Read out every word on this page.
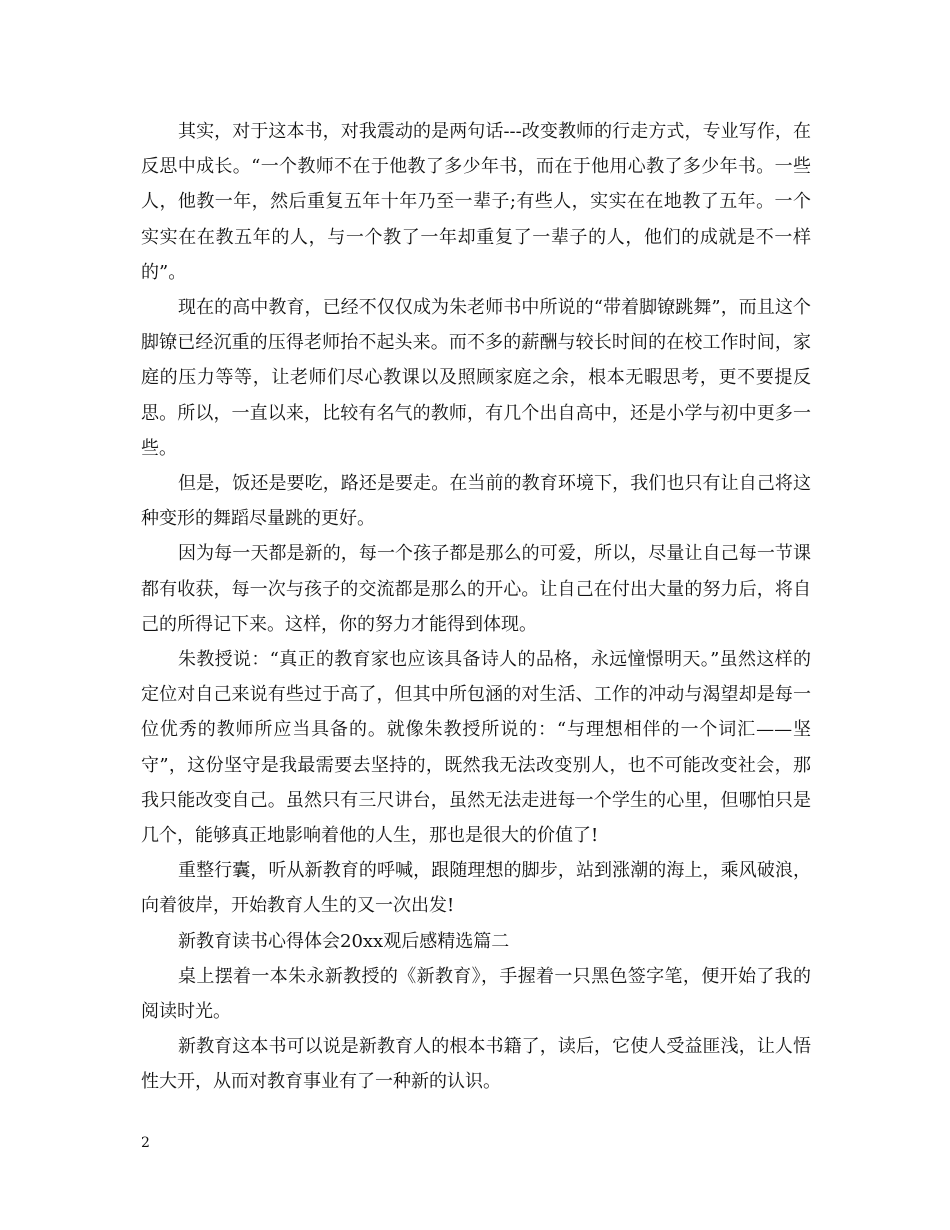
其实，对于这本书，对我震动的是两句话---改变教师的行走方式，专业写作，在反思中成长。“一个教师不在于他教了多少年书，而在于他用心教了多少年书。一些人，他教一年，然后重复五年十年乃至一辈子;有些人，实实在在地教了五年。一个实实在在教五年的人，与一个教了一年却重复了一辈子的人，他们的成就是不一样的”。

现在的高中教育，已经不仅仅成为朱老师书中所说的“带着脚镣跳舞”，而且这个脚镣已经沉重的压得老师抬不起头来。而不多的薪酬与较长时间的在校工作时间，家庭的压力等等，让老师们尽心教课以及照顾家庭之余，根本无暇思考，更不要提反思。所以，一直以来，比较有名气的教师，有几个出自高中，还是小学与初中更多一些。

但是，饭还是要吃，路还是要走。在当前的教育环境下，我们也只有让自己将这种变形的舞蹈尽量跳的更好。

因为每一天都是新的，每一个孩子都是那么的可爱，所以，尽量让自己每一节课都有收获，每一次与孩子的交流都是那么的开心。让自己在付出大量的努力后，将自己的所得记下来。这样，你的努力才能得到体现。

朱教授说：“真正的教育家也应该具备诗人的品格，永远憧憬明天。”虽然这样的定位对自己来说有些过于高了，但其中所包涵的对生活、工作的冲动与渴望却是每一位优秀的教师所应当具备的。就像朱教授所说的：“与理想相伴的一个词汇——坚守”，这份坚守是我最需要去坚持的，既然我无法改变别人，也不可能改变社会，那我只能改变自己。虽然只有三尺讲台，虽然无法走进每一个学生的心里，但哪怕只是几个，能够真正地影响着他的人生，那也是很大的价值了!

重整行囊，听从新教育的呼喊，跟随理想的脚步，站到涨潮的海上，乘风破浪，向着彼岸，开始教育人生的又一次出发!

新教育读书心得体会20xx观后感精选篇二

桌上摆着一本朱永新教授的《新教育》，手握着一只黑色签字笔，便开始了我的阅读时光。

新教育这本书可以说是新教育人的根本书籍了，读后，它使人受益匪浅，让人悟性大开，从而对教育事业有了一种新的认识。

2
